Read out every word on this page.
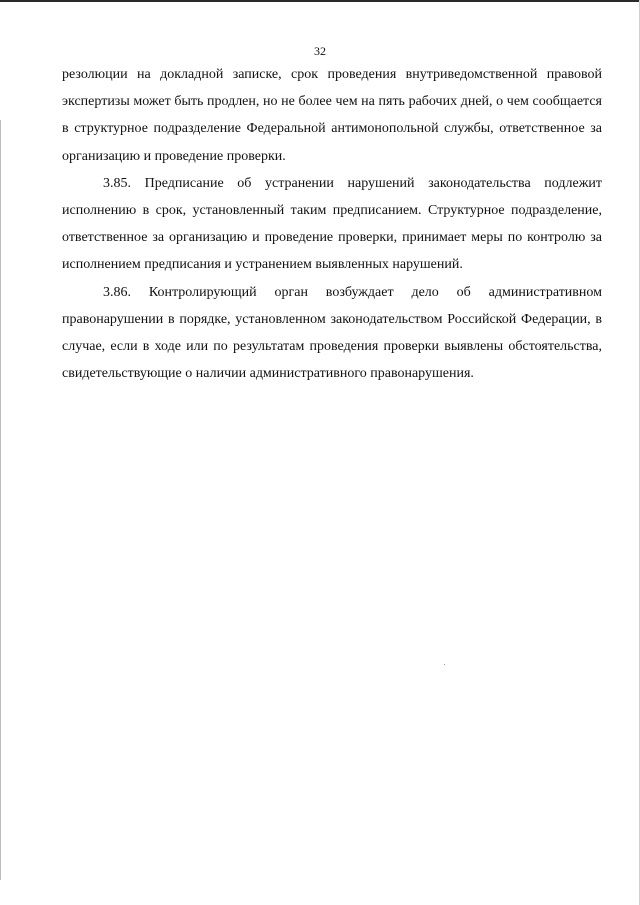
32

резолюции на докладной записке, срок проведения внутриведомственной правовой экспертизы может быть продлен, но не более чем на пять рабочих дней, о чем сообщается в структурное подразделение Федеральной антимонопольной службы, ответственное за организацию и проведение проверки.

3.85. Предписание об устранении нарушений законодательства подлежит исполнению в срок, установленный таким предписанием. Структурное подразделение, ответственное за организацию и проведение проверки, принимает меры по контролю за исполнением предписания и устранением выявленных нарушений.

3.86. Контролирующий орган возбуждает дело об административном правонарушении в порядке, установленном законодательством Российской Федерации, в случае, если в ходе или по результатам проведения проверки выявлены обстоятельства, свидетельствующие о наличии административного правонарушения.
